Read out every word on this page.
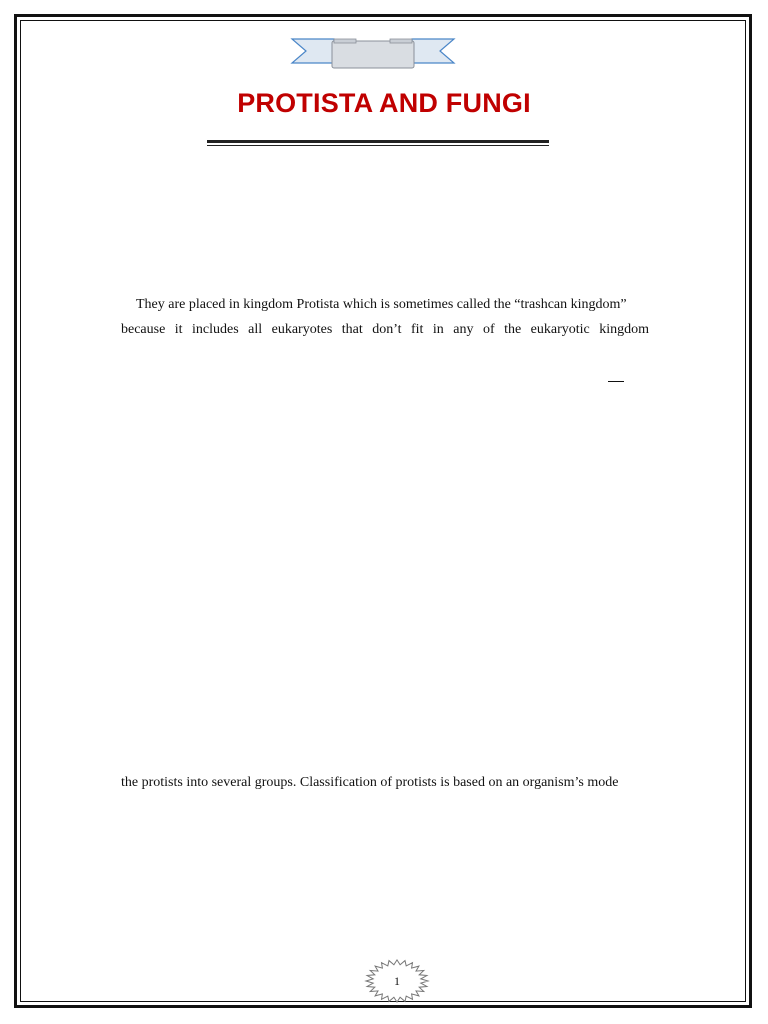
PROTISTA AND FUNGI
They are placed in kingdom Protista which is sometimes called the “trashcan kingdom”
because it includes all eukaryotes that don’t fit in any of the eukaryotic kingdom
the protists into several groups. Classification of protists is based on an organism’s mode
1
